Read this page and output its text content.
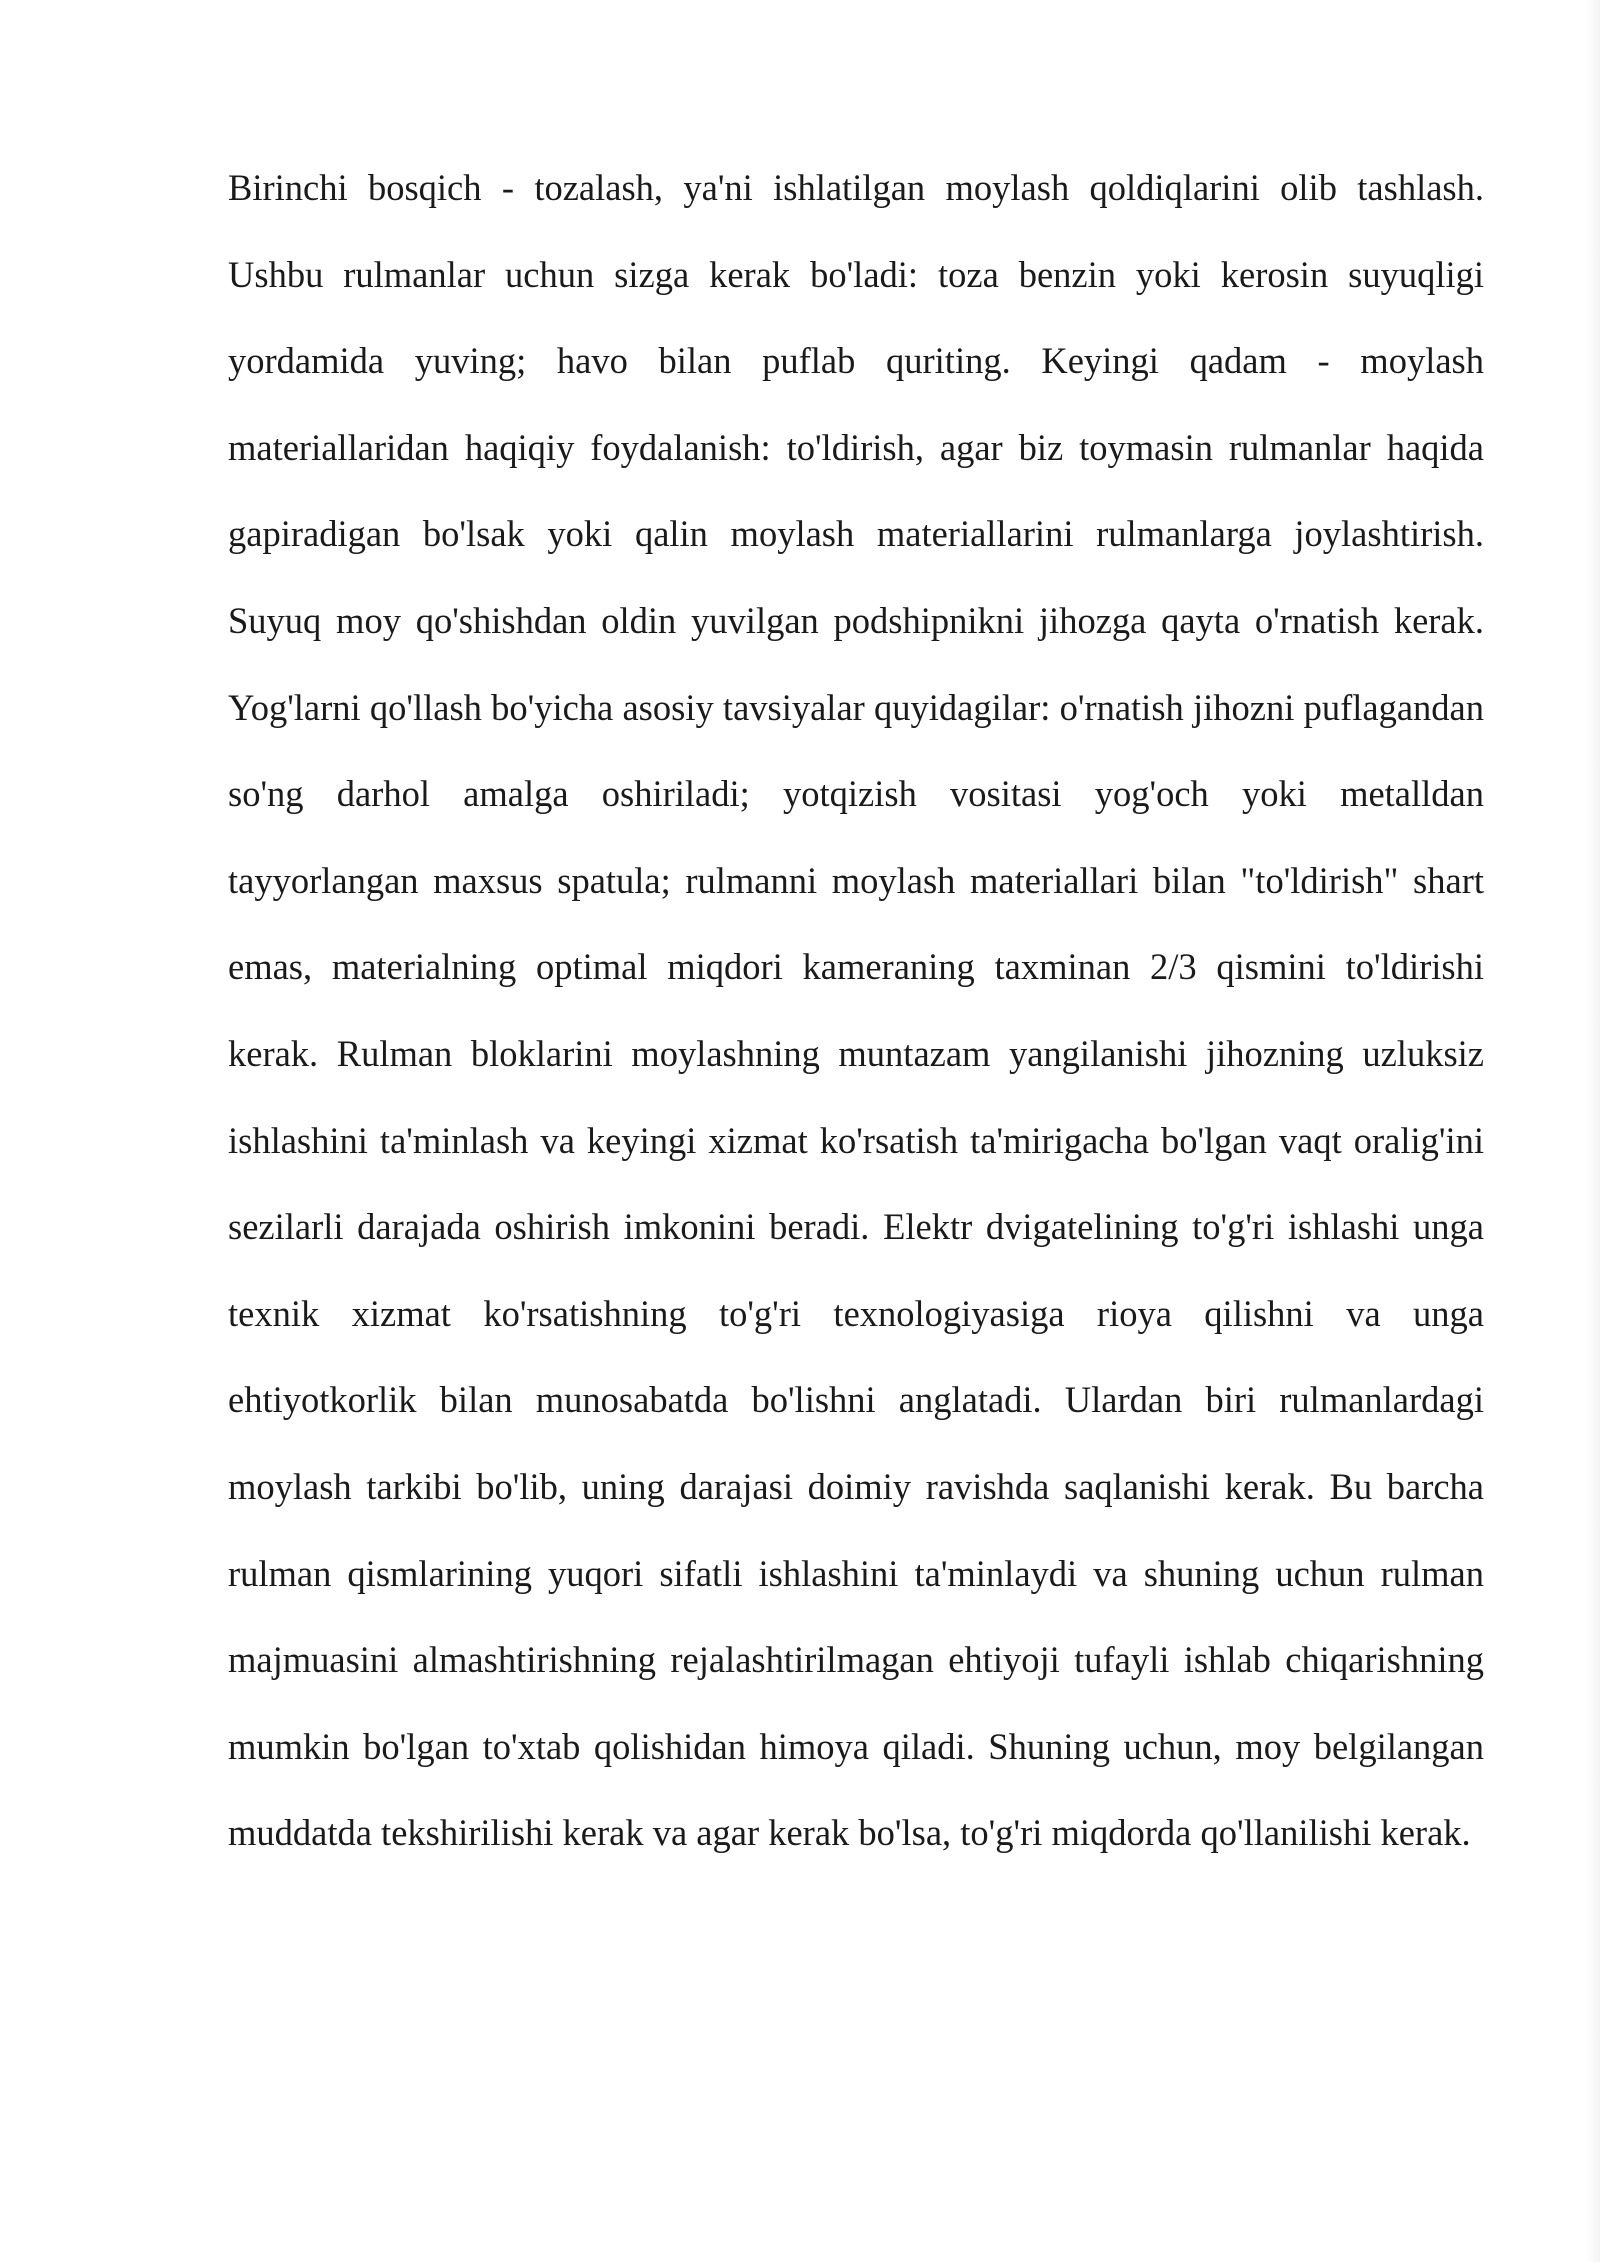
Birinchi bosqich - tozalash, ya'ni ishlatilgan moylash qoldiqlarini olib tashlash. Ushbu rulmanlar uchun sizga kerak bo'ladi: toza benzin yoki kerosin suyuqligi yordamida yuving; havo bilan puflab quriting. Keyingi qadam - moylash materiallaridan haqiqiy foydalanish: to'ldirish, agar biz toymasin rulmanlar haqida gapiradigan bo'lsak yoki qalin moylash materiallarini rulmanlarga joylashtirish. Suyuq moy qo'shishdan oldin yuvilgan podshipnikni jihozga qayta o'rnatish kerak. Yog'larni qo'llash bo'yicha asosiy tavsiyalar quyidagilar: o'rnatish jihozni puflagandan so'ng darhol amalga oshiriladi; yotqizish vositasi yog'och yoki metalldan tayyorlangan maxsus spatula; rulmanni moylash materiallari bilan "to'ldirish" shart emas, materialning optimal miqdori kameraning taxminan 2/3 qismini to'ldirishi kerak. Rulman bloklarini moylashning muntazam yangilanishi jihozning uzluksiz ishlashini ta'minlash va keyingi xizmat ko'rsatish ta'mirigacha bo'lgan vaqt oralig'ini sezilarli darajada oshirish imkonini beradi. Elektr dvigatelining to'g'ri ishlashi unga texnik xizmat ko'rsatishning to'g'ri texnologiyasiga rioya qilishni va unga ehtiyotkorlik bilan munosabatda bo'lishni anglatadi. Ulardan biri rulmanlardagi moylash tarkibi bo'lib, uning darajasi doimiy ravishda saqlanishi kerak. Bu barcha rulman qismlarining yuqori sifatli ishlashini ta'minlaydi va shuning uchun rulman majmuasini almashtirishning rejalashtirilmagan ehtiyoji tufayli ishlab chiqarishning mumkin bo'lgan to'xtab qolishidan himoya qiladi. Shuning uchun, moy belgilangan muddatda tekshirilishi kerak va agar kerak bo'lsa, to'g'ri miqdorda qo'llanilishi kerak.
